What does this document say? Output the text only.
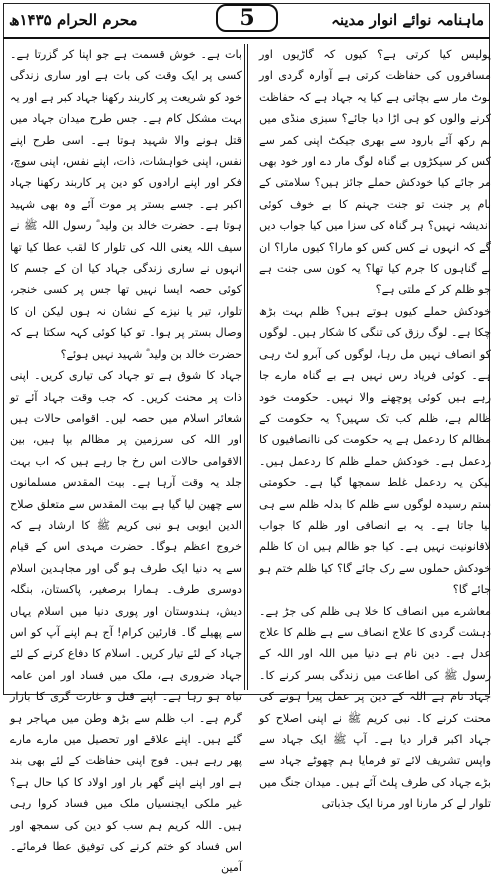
ماہنامہ نوائے انوار مدینہ
محرم الحرام ۱۴۳۵ھ	5

پولیس کیا کرتی ہے؟ کیوں کہ گاڑیوں اور مسافروں کی حفاظت کرتی ہے آوارہ گردی اور لوٹ مار سے بچاتی ہے کیا یہ جہاد ہے کہ حفاظت کرنے والوں کو ہی اڑا دیا جائے؟ سبزی منڈی میں بم رکھ آئے بارود سے بھری جیکٹ اپنی کمر سے کس کر سیکڑوں بے گناہ لوگ مار دے اور خود بھی مر جائے کیا خودکش حملے جائز ہیں؟ سلامتی کے نام پر جنت تو جنت جہنم کا بے خوف کوئی اندیشہ نہیں؟ ہر گناہ کی سزا میں کیا جواب دیں گے کہ انہوں نے کس کس کو مارا؟ کیوں مارا؟ ان بے گناہوں کا جرم کیا تھا؟ یہ کون سی جنت ہے جو ظلم کر کے ملتی ہے؟

خودکش حملے کیوں ہوتے ہیں؟ ظلم بہت بڑھ چکا ہے۔ لوگ رزق کی تنگی کا شکار ہیں۔ لوگوں کو انصاف نہیں مل رہا، لوگوں کی آبرو لٹ رہی ہے۔ کوئی فریاد رس نہیں ہے بے گناہ مارے جا رہے ہیں کوئی پوچھنے والا نہیں۔ حکومت خود ظالم ہے، ظلم کب تک سہیں؟ یہ حکومت کے مظالم کا ردعمل ہے یہ حکومت کی ناانصافیوں کا ردعمل ہے۔ خودکش حملے ظلم کا ردعمل ہیں۔ لیکن یہ ردعمل غلط سمجھا گیا ہے۔ حکومتی ستم رسیدہ لوگوں سے ظلم کا بدلہ ظلم سے ہی لیا جاتا ہے۔ یہ بے انصافی اور ظلم کا جواب لاقانونیت نہیں ہے۔ کیا جو ظالم ہیں ان کا ظلم خودکش حملوں سے رک جائے گا؟ کیا ظلم ختم ہو جائے گا؟

معاشرے میں انصاف کا خلا ہی ظلم کی جڑ ہے۔ دہشت گردی کا علاج انصاف سے ہے ظلم کا علاج عدل ہے۔ دین نام ہے دنیا میں اللہ اور اللہ کے رسول ﷺ کی اطاعت میں زندگی بسر کرنے کا۔ جہاد نام ہے اللہ کے دین پر عمل پیرا ہونے کی محنت کرنے کا۔ نبی کریم ﷺ نے اپنی اصلاح کو جہاد اکبر قرار دیا ہے۔ آپ ﷺ ایک جہاد سے واپس تشریف لائے تو فرمایا ہم چھوٹے جہاد سے بڑے جہاد کی طرف پلٹ آئے ہیں۔ میدان جنگ میں تلوار لے کر مارنا اور مرنا ایک جذباتی

بات ہے۔ خوش قسمت ہے جو اپنا کر گزرتا ہے۔ کسی پر ایک وقت کی بات ہے اور ساری زندگی خود کو شریعت پر کاربند رکھنا جہاد کبر ہے اور یہ بہت مشکل کام ہے۔ جس طرح میدان جہاد میں قتل ہونے والا شہید ہوتا ہے۔ اسی طرح اپنے نفس، اپنی خواہشات، ذات، اپنے نفس، اپنی سوچ، فکر اور اپنے ارادوں کو دین پر کاربند رکھنا جہاد اکبر ہے۔ جسے بستر پر موت آئے وہ بھی شہید ہوتا ہے۔ حضرت خالد بن ولید ؓ رسول اللہ ﷺ نے سیف اللہ یعنی اللہ کی تلوار کا لقب عطا کیا تھا انہوں نے ساری زندگی جہاد کیا ان کے جسم کا کوئی حصہ ایسا نہیں تھا جس پر کسی خنجر، تلوار، تیر یا نیزے کے نشان نہ ہوں لیکن ان کا وصال بستر پر ہوا۔ تو کیا کوئی کہہ سکتا ہے کہ حضرت خالد بن ولید ؓ شہید نہیں ہوئے؟

جہاد کا شوق ہے تو جہاد کی تیاری کریں۔ اپنی ذات پر محنت کریں۔ کہ جب وقت جہاد آئے تو شعائر اسلام میں حصہ لیں۔ اقوامی حالات ہیں اور اللہ کی سرزمین پر مظالم بپا ہیں، بین الاقوامی حالات اس رخ جا رہے ہیں کہ اب بہت جلد یہ وقت آرہا ہے۔ بیت المقدس مسلمانوں سے چھین لیا گیا ہے بیت المقدس سے متعلق صلاح الدین ایوبی ہو نبی کریم ﷺ کا ارشاد ہے کہ خروج اعظم ہوگا۔ حضرت مہدی اس کے قیام سے یہ دنیا ایک طرف ہو گی اور مجاہدین اسلام دوسری طرف۔ ہمارا برصغیر، پاکستان، بنگلہ دیش، ہندوستان اور پوری دنیا میں اسلام یہاں سے پھیلے گا۔ قارئین کرام! آج ہم اپنے آپ کو اس جہاد کے لئے تیار کریں۔ اسلام کا دفاع کرنے کے لئے جہاد ضروری ہے، ملک میں فساد اور امن عامہ تباہ ہو رہا ہے۔ اپنے قتل و غارت گری کا بازار گرم ہے۔ اب ظلم سے بڑھ وطن میں مہاجر ہو گئے ہیں۔ اپنے علاقے اور تحصیل میں مارے مارے پھر رہے ہیں۔ فوج اپنی حفاظت کے لئے بھی بند ہے اور اپنے اپنے گھر بار اور اولاد کا کیا حال ہے؟ غیر ملکی ایجنسیاں ملک میں فساد کروا رہی ہیں۔ اللہ کریم ہم سب کو دین کی سمجھ اور اس فساد کو ختم کرنے کی توفیق عطا فرمائے۔ آمین
